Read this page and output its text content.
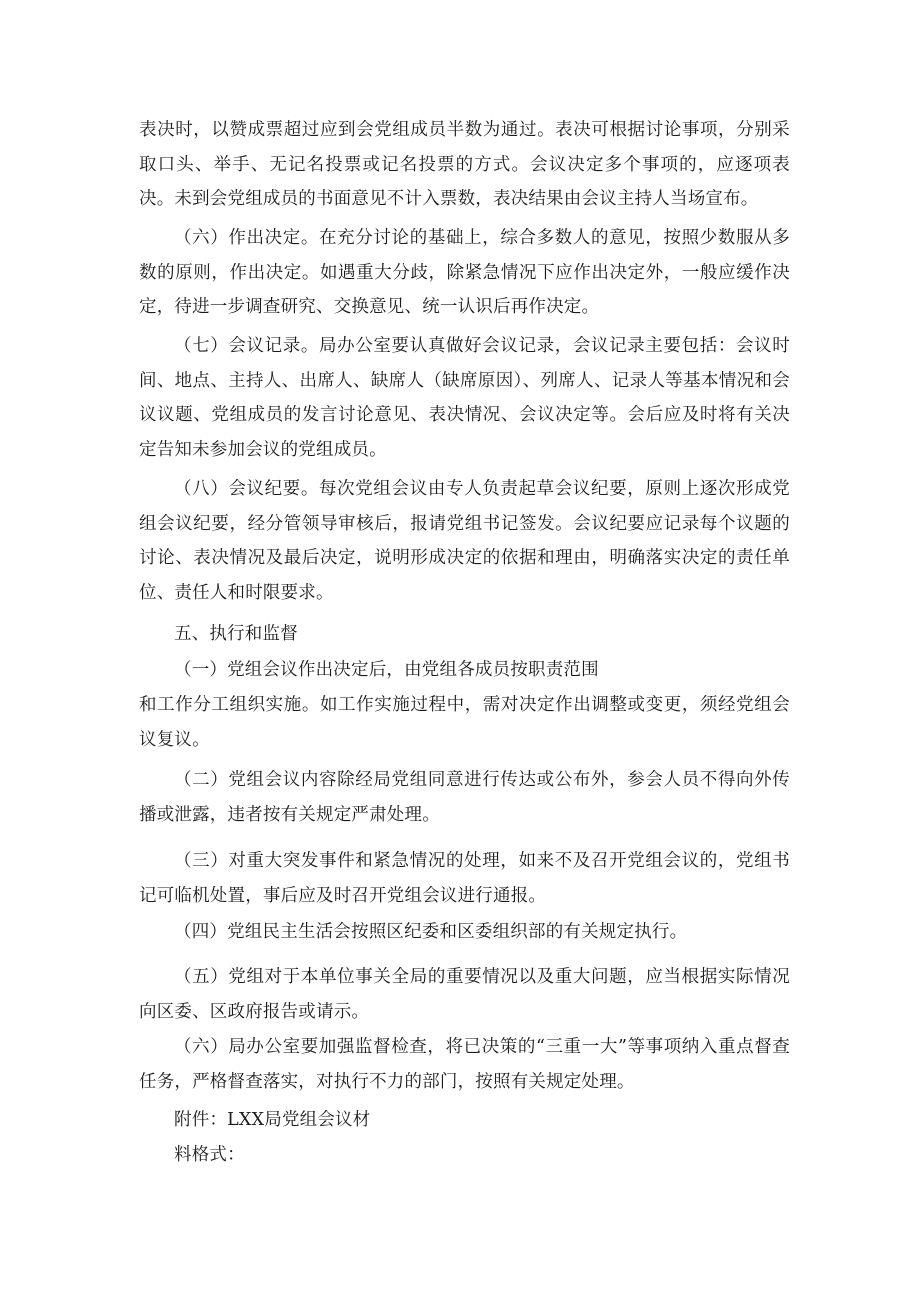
表决时，以赞成票超过应到会党组成员半数为通过。表决可根据讨论事项，分别采取口头、举手、无记名投票或记名投票的方式。会议决定多个事项的，应逐项表决。未到会党组成员的书面意见不计入票数，表决结果由会议主持人当场宣布。

（六）作出决定。在充分讨论的基础上，综合多数人的意见，按照少数服从多数的原则，作出决定。如遇重大分歧，除紧急情况下应作出决定外，一般应缓作决定，待进一步调查研究、交换意见、统一认识后再作决定。

（七）会议记录。局办公室要认真做好会议记录，会议记录主要包括：会议时间、地点、主持人、出席人、缺席人（缺席原因）、列席人、记录人等基本情况和会议议题、党组成员的发言讨论意见、表决情况、会议决定等。会后应及时将有关决定告知未参加会议的党组成员。

（八）会议纪要。每次党组会议由专人负责起草会议纪要，原则上逐次形成党组会议纪要，经分管领导审核后，报请党组书记签发。会议纪要应记录每个议题的讨论、表决情况及最后决定，说明形成决定的依据和理由，明确落实决定的责任单位、责任人和时限要求。

五、执行和监督

（一）党组会议作出决定后，由党组各成员按职责范围

和工作分工组织实施。如工作实施过程中，需对决定作出调整或变更，须经党组会议复议。

（二）党组会议内容除经局党组同意进行传达或公布外，参会人员不得向外传播或泄露，违者按有关规定严肃处理。

（三）对重大突发事件和紧急情况的处理，如来不及召开党组会议的，党组书记可临机处置，事后应及时召开党组会议进行通报。

（四）党组民主生活会按照区纪委和区委组织部的有关规定执行。

（五）党组对于本单位事关全局的重要情况以及重大问题，应当根据实际情况向区委、区政府报告或请示。

（六）局办公室要加强监督检查，将已决策的“三重一大”等事项纳入重点督查任务，严格督查落实，对执行不力的部门，按照有关规定处理。

附件：LXX局党组会议材

料格式：
